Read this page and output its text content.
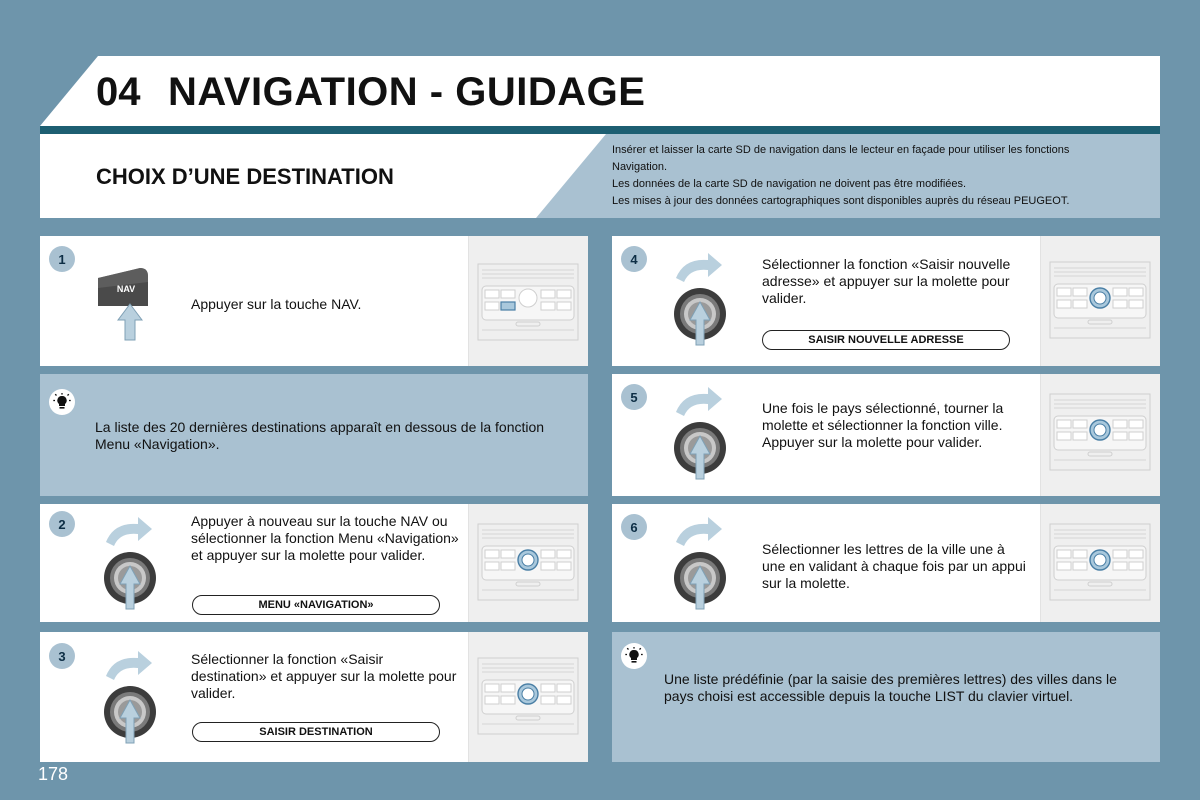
04 NAVIGATION - GUIDAGE
CHOIX D’UNE DESTINATION
Insérer et laisser la carte SD de navigation dans le lecteur en façade pour utiliser les fonctions
Navigation.
Les données de la carte SD de navigation ne doivent pas être modifiées.
Les mises à jour des données cartographiques sont disponibles auprès du réseau PEUGEOT.
1
NAV
Appuyer sur la touche NAV.
La liste des 20 dernières destinations apparaît en dessous de la fonction Menu «Navigation».
2	Appuyer à nouveau sur la touche NAV ou sélectionner la fonction Menu «Navigation» et appuyer sur la molette pour valider.
MENU «NAVIGATION»
3	Sélectionner la fonction «Saisir destination» et appuyer sur la molette pour valider.
SAISIR DESTINATION
4	Sélectionner la fonction «Saisir nouvelle adresse» et appuyer sur la molette pour valider.
SAISIR NOUVELLE ADRESSE
5
Une fois le pays sélectionné, tourner la molette et sélectionner la fonction ville. Appuyer sur la molette pour valider.
6
Sélectionner les lettres de la ville une à une en validant à chaque fois par un appui sur la molette.
Une liste prédéfinie (par la saisie des premières lettres) des villes dans le pays choisi est accessible depuis la touche LIST du clavier virtuel.
178
